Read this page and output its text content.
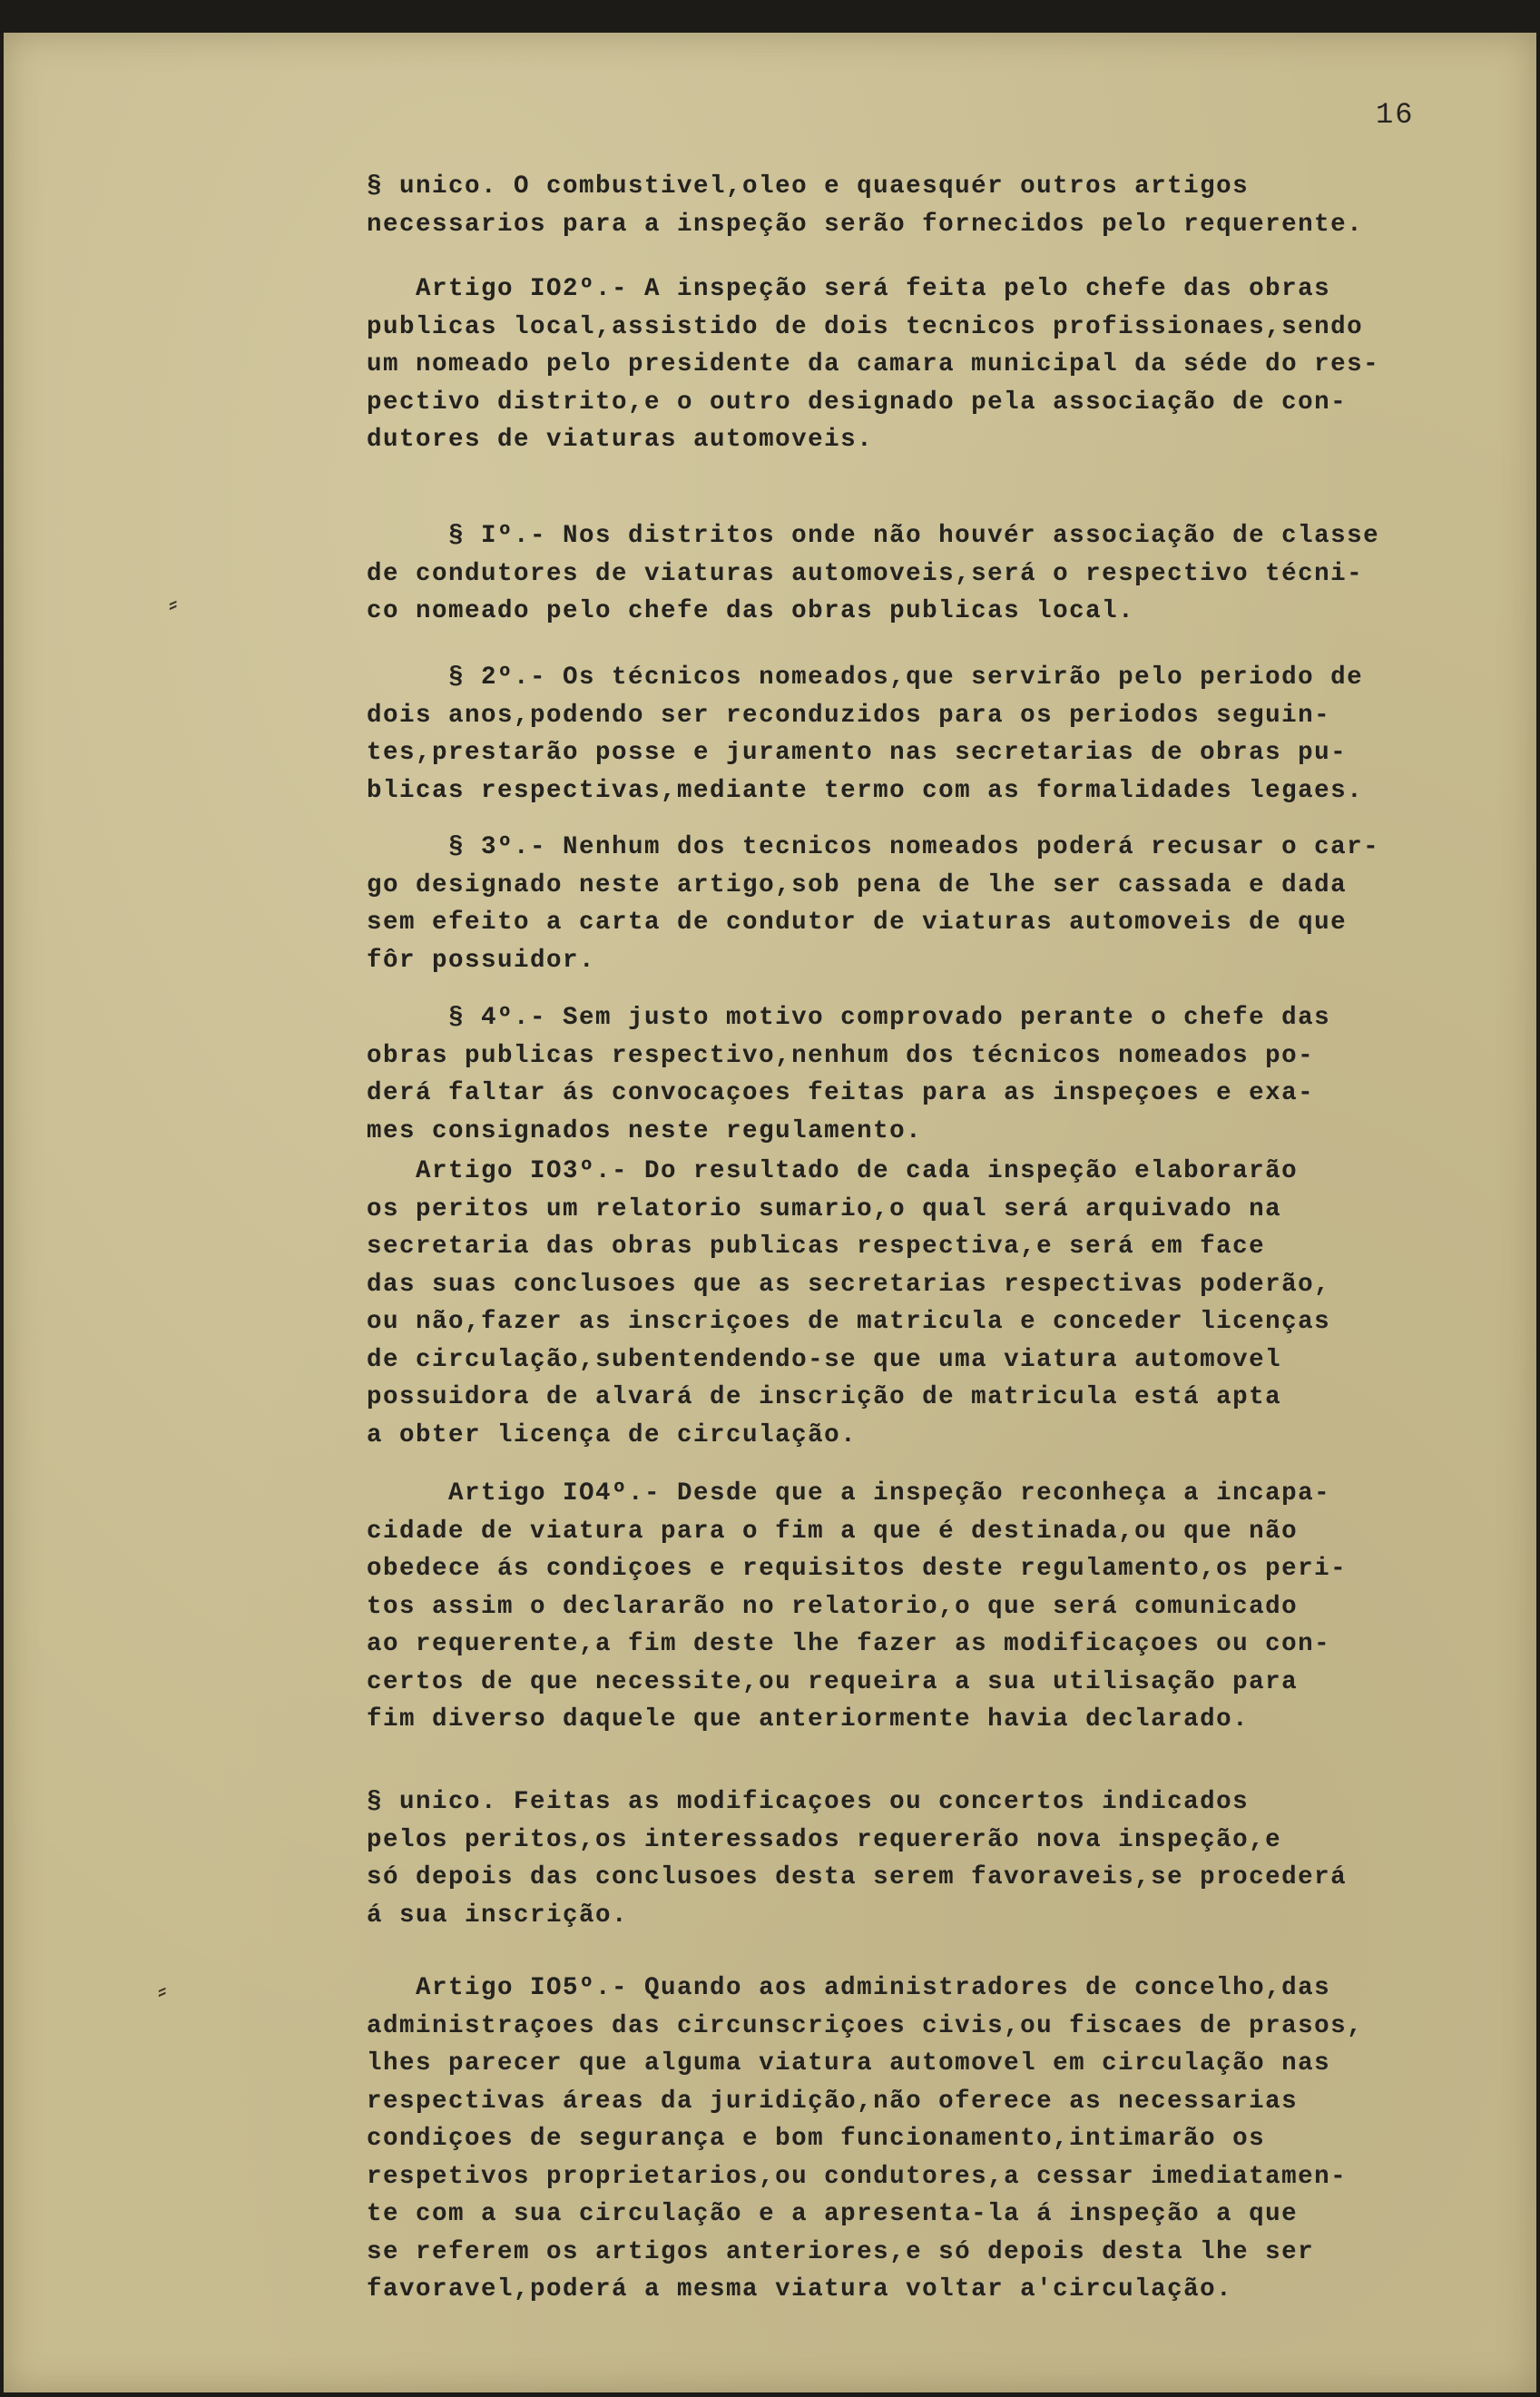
16
⸗
⸗
§ unico. O combustivel,oleo e quaesquér outros artigos
necessarios para a inspeção serão fornecidos pelo requerente.
Artigo IO2º.- A inspeção será feita pelo chefe das obras
publicas local,assistido de dois tecnicos profissionaes,sendo
um nomeado pelo presidente da camara municipal da séde do res-
pectivo distrito,e o outro designado pela associação de con-
dutores de viaturas automoveis.
§ Iº.- Nos distritos onde não houvér associação de classe
de condutores de viaturas automoveis,será o respectivo técni-
co nomeado pelo chefe das obras publicas local.
§ 2º.- Os técnicos nomeados,que servirão pelo periodo de
dois anos,podendo ser reconduzidos para os periodos seguin-
tes,prestarão posse e juramento nas secretarias de obras pu-
blicas respectivas,mediante termo com as formalidades legaes.
§ 3º.- Nenhum dos tecnicos nomeados poderá recusar o car-
go designado neste artigo,sob pena de lhe ser cassada e dada
sem efeito a carta de condutor de viaturas automoveis de que
fôr possuidor.
§ 4º.- Sem justo motivo comprovado perante o chefe das
obras publicas respectivo,nenhum dos técnicos nomeados po-
derá faltar ás convocaçoes feitas para as inspeçoes e exa-
mes consignados neste regulamento.
Artigo IO3º.- Do resultado de cada inspeção elaborarão
os peritos um relatorio sumario,o qual será arquivado na
secretaria das obras publicas respectiva,e será em face
das suas conclusoes que as secretarias respectivas poderão,
ou não,fazer as inscriçoes de matricula e conceder licenças
de circulação,subentendendo-se que uma viatura automovel
possuidora de alvará de inscrição de matricula está apta
a obter licença de circulação.
Artigo IO4º.- Desde que a inspeção reconheça a incapa-
cidade de viatura para o fim a que é destinada,ou que não
obedece ás condiçoes e requisitos deste regulamento,os peri-
tos assim o declararão no relatorio,o que será comunicado
ao requerente,a fim deste lhe fazer as modificaçoes ou con-
certos de que necessite,ou requeira a sua utilisação para
fim diverso daquele que anteriormente havia declarado.
§ unico. Feitas as modificaçoes ou concertos indicados
pelos peritos,os interessados requererão nova inspeção,e
só depois das conclusoes desta serem favoraveis,se procederá
á sua inscrição.
Artigo IO5º.- Quando aos administradores de concelho,das
administraçoes das circunscriçoes civis,ou fiscaes de prasos,
lhes parecer que alguma viatura automovel em circulação nas
respectivas áreas da juridição,não oferece as necessarias
condiçoes de segurança e bom funcionamento,intimarão os
respetivos proprietarios,ou condutores,a cessar imediatamen-
te com a sua circulação e a apresenta-la á inspeção a que
se referem os artigos anteriores,e só depois desta lhe ser
favoravel,poderá a mesma viatura voltar a'circulação.
